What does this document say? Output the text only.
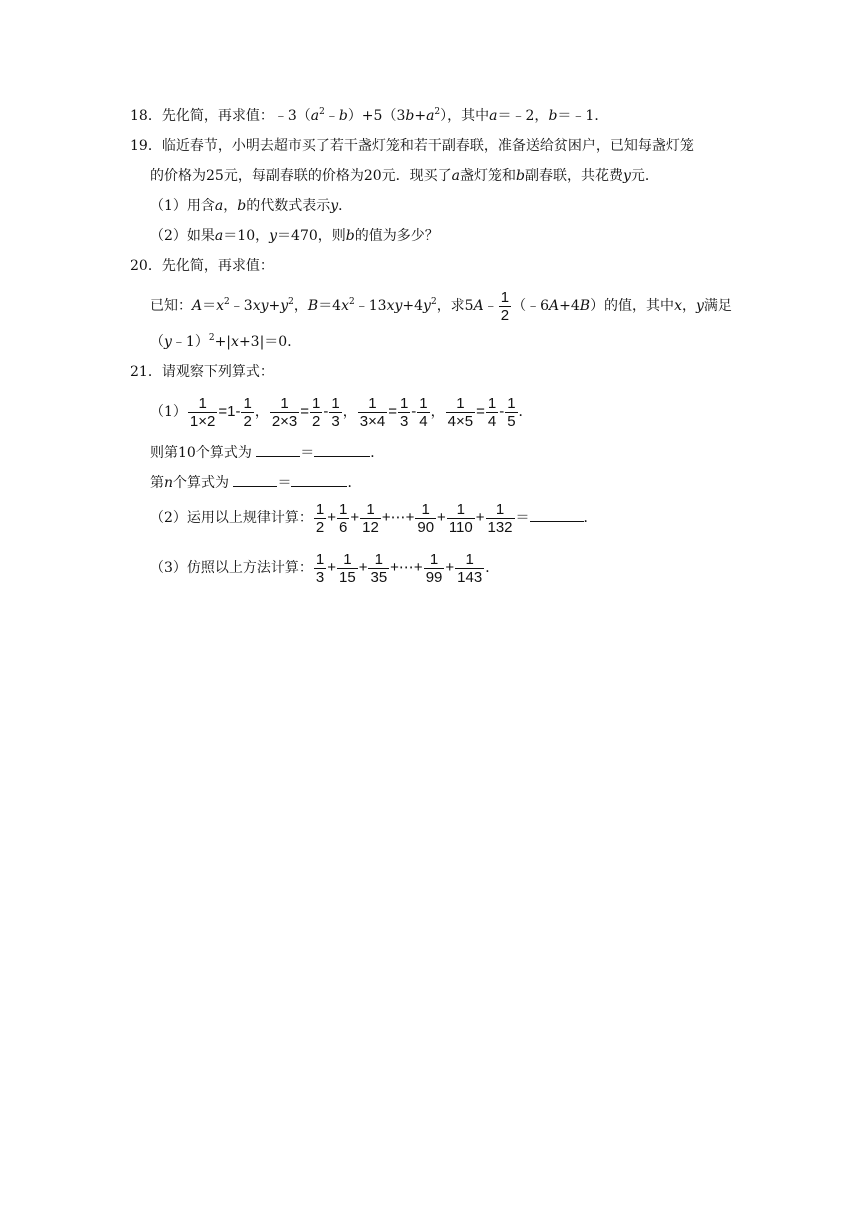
18．先化简，再求值：$﹣3(a^2﹣b)+5(3b+a^2)$，其中a＝﹣2，b＝﹣1．
19．临近春节，小明去超市买了若干盏灯笼和若干副春联，准备送给贫困户，已知每盏灯笼
的价格为25元，每副春联的价格为20元．现买了a盏灯笼和b副春联，共花费y元．
（1）用含a，b的代数式表示y．
（2）如果a＝10，y＝470，则b的值为多少？
20．先化简，再求值：
已知：$A=x^2﹣3xy+y^2$，$B=4x^2﹣13xy+4y^2$，求5A﹣ $\frac{1}{2}$ （﹣6A+4B）的值，其中x，y满足
（y﹣1）$^2$+|x+3|＝0．
21．请观察下列算式：
$(1) \frac{1}{1\times 2} =1- \frac{1}{2}$ ， $\frac{1}{2\times 3} = \frac{1}{2} - \frac{1}{3}$ ， $\frac{1}{3\times 4} = \frac{1}{3} - \frac{1}{4}$ ， $\frac{1}{4\times 5} = \frac{1}{4} - \frac{1}{5}$ ．
则第10个算式为	＝	．
第n个算式为	＝	．
（2）运用以上规律计算： $\frac{1}{2} + \frac{1}{6} + \frac{1}{12}$ +⋯+ $\frac{1}{90} + \frac{1}{110} + \frac{1}{132}$ ＝	．
（3）仿照以上方法计算： $\frac{1}{3} + \frac{1}{15} + \frac{1}{35}$ +⋯+ $\frac{1}{99} + \frac{1}{143}$ ．
